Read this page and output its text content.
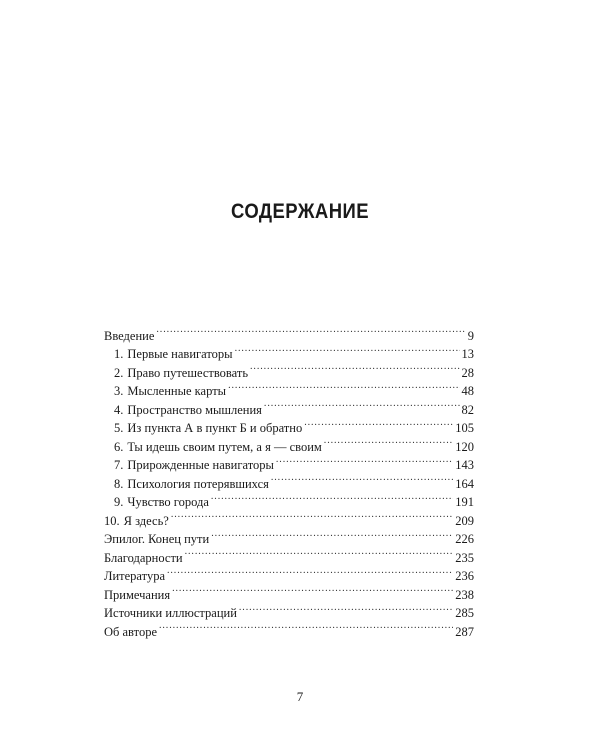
СОДЕРЖАНИЕ
Введение . . .	9
1. Первые навигаторы . . .	13
2. Право путешествовать . . .	28
3. Мысленные карты . . .	48
4. Пространство мышления . . .	82
5. Из пункта А в пункт Б и обратно . . .	105
6. Ты идешь своим путем, а я — своим . . .	120
7. Прирожденные навигаторы . . .	143
8. Психология потерявшихся . . .	164
9. Чувство города . . .	191
10. Я здесь? . . .	209
Эпилог. Конец пути . . .	226
Благодарности . . .	235
Литература . . .	236
Примечания . . .	238
Источники иллюстраций . . .	285
Об авторе . . .	287
7
